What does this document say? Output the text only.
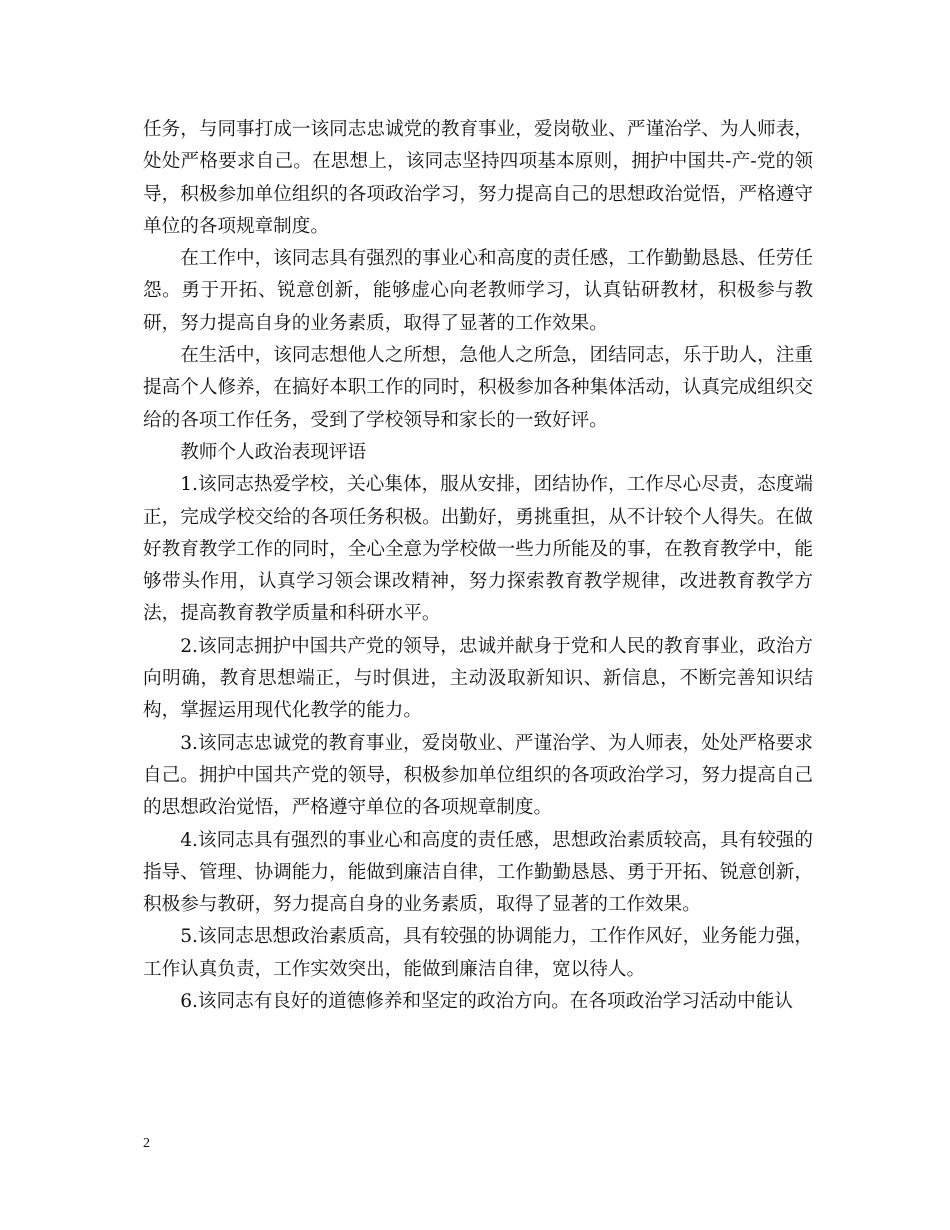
任务，与同事打成一该同志忠诚党的教育事业，爱岗敬业、严谨治学、为人师表，处处严格要求自己。在思想上，该同志坚持四项基本原则，拥护中国共-产-党的领导，积极参加单位组织的各项政治学习，努力提高自己的思想政治觉悟，严格遵守单位的各项规章制度。

在工作中，该同志具有强烈的事业心和高度的责任感，工作勤勤恳恳、任劳任怨。勇于开拓、锐意创新，能够虚心向老教师学习，认真钻研教材，积极参与教研，努力提高自身的业务素质，取得了显著的工作效果。

在生活中，该同志想他人之所想，急他人之所急，团结同志，乐于助人，注重提高个人修养，在搞好本职工作的同时，积极参加各种集体活动，认真完成组织交给的各项工作任务，受到了学校领导和家长的一致好评。

教师个人政治表现评语

1.该同志热爱学校，关心集体，服从安排，团结协作，工作尽心尽责，态度端正，完成学校交给的各项任务积极。出勤好，勇挑重担，从不计较个人得失。在做好教育教学工作的同时，全心全意为学校做一些力所能及的事，在教育教学中，能够带头作用，认真学习领会课改精神，努力探索教育教学规律，改进教育教学方法，提高教育教学质量和科研水平。

2.该同志拥护中国共产党的领导，忠诚并献身于党和人民的教育事业，政治方向明确，教育思想端正，与时俱进，主动汲取新知识、新信息，不断完善知识结构，掌握运用现代化教学的能力。

3.该同志忠诚党的教育事业，爱岗敬业、严谨治学、为人师表，处处严格要求自己。拥护中国共产党的领导，积极参加单位组织的各项政治学习，努力提高自己的思想政治觉悟，严格遵守单位的各项规章制度。

4.该同志具有强烈的事业心和高度的责任感，思想政治素质较高，具有较强的指导、管理、协调能力，能做到廉洁自律，工作勤勤恳恳、勇于开拓、锐意创新，积极参与教研，努力提高自身的业务素质，取得了显著的工作效果。

5.该同志思想政治素质高，具有较强的协调能力，工作作风好，业务能力强，工作认真负责，工作实效突出，能做到廉洁自律，宽以待人。

6.该同志有良好的道德修养和坚定的政治方向。在各项政治学习活动中能认

2
